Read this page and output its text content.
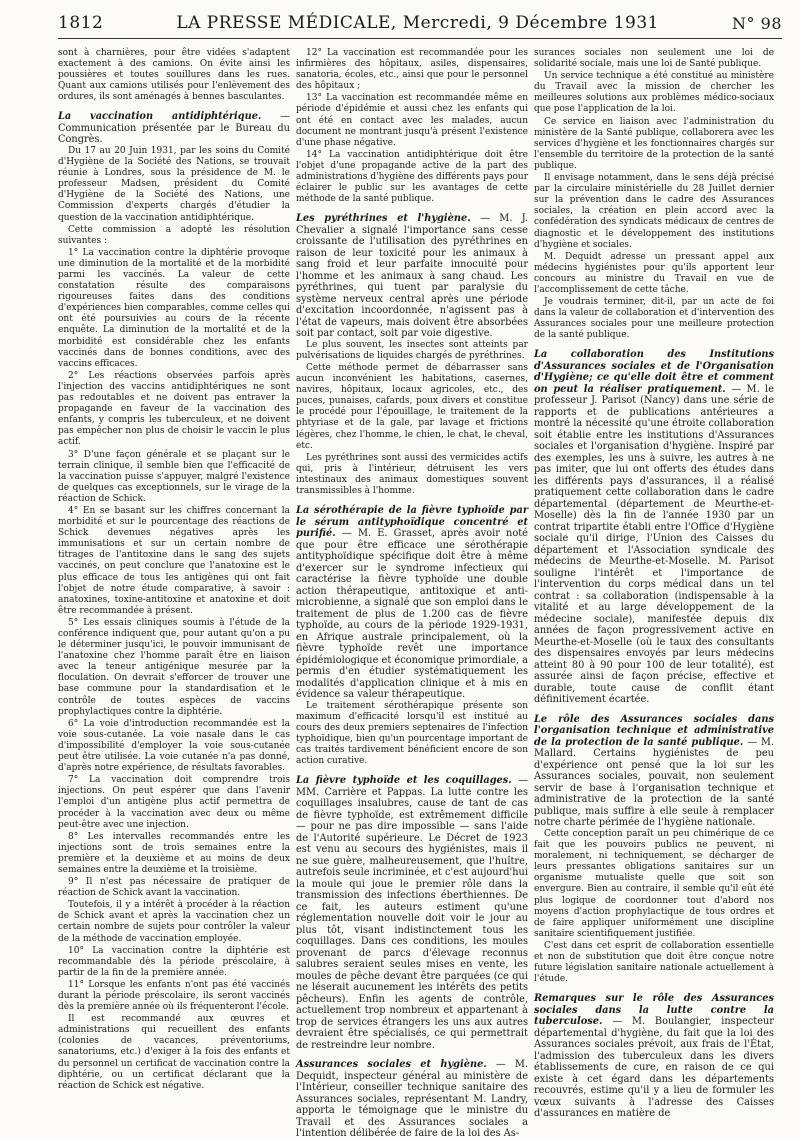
1812	LA PRESSE MÉDICALE, Mercredi, 9 Décembre 1931	N° 98

sont à charnières, pour être vidées s'adaptent exactement à des camions. On évite ainsi les poussières et toutes souillures dans les rues. Quant aux camions utilisés pour l'enlèvement des ordures, ils sont aménagés à bennes basculantes.

La vaccination antidiphtérique. — Communication présentée par le Bureau du Congrès.

Du 17 au 20 Juin 1931, par les soins du Comité d'Hygiène de la Société des Nations, se trouvait réunie à Londres, sous la présidence de M. le professeur Madsen, président du Comité d'Hygiène de la Société des Nations, une Commission d'experts chargés d'étudier la question de la vaccination antidiphtérique.

Cette commission a adopté les résolution suivantes :

1° La vaccination contre la diphtérie provoque une diminution de la mortalité et de la morbidité parmi les vaccinés. La valeur de cette constatation résulte des comparaisons rigoureuses faites dans des conditions d'expériences bien comparables, comme celles qui ont été poursuivies au cours de la récente enquête. La diminution de la mortalité et de la morbidité est considérable chez les enfants vaccinés dans de bonnes conditions, avec des vaccins efficaces.

2° Les réactions observées parfois après l'injection des vaccins antidiphtériques ne sont pas redoutables et ne doivent pas entraver la propagande en faveur de la vaccination des enfants, y compris les tuberculeux, et ne doivent pas empêcher non plus de choisir le vaccin le plus actif.

3° D'une façon générale et se plaçant sur le terrain clinique, il semble bien que l'efficacité de la vaccination puisse s'appuyer, malgré l'existence de quelques cas exceptionnels, sur le virage de la réaction de Schick.

4° En se basant sur les chiffres concernant la morbidité et sur le pourcentage des réactions de Schick devenues négatives après les immunisations et sur un certain nombre de titrages de l'antitoxine dans le sang des sujets vaccinés, on peut conclure que l'anatoxine est le plus efficace de tous les antigènes qui ont fait l'objet de notre étude comparative, à savoir : anatoxines, toxine-antitoxine et anatoxine et doit être recommandée à présent.

5° Les essais cliniques soumis à l'étude de la conférence indiquent que, pour autant qu'on a pu le déterminer jusqu'ici, le pouvoir immunisant de l'anatoxine chez l'homme paraît être en liaison avec la teneur antigénique mesurée par la floculation. On devrait s'efforcer de trouver une base commune pour la standardisation et le contrôle de toutes espèces de vaccins prophylactiques contre la diphtérie.

6° La voie d'introduction recommandée est la voie sous-cutanée. La voie nasale dans le cas d'impossibilité d'employer la voie sous-cutanée peut être utilisée. La voie cutanée n'a pas donné, d'après notre expérience, de résultats favorables.

7° La vaccination doit comprendre trois injections. On peut espérer que dans l'avenir l'emploi d'un antigène plus actif permettra de procéder à la vaccination avec deux ou même peut-être avec une injection.

8° Les intervalles recommandés entre les injections sont de trois semaines entre la première et la deuxième et au moins de deux semaines entre la deuxième et la troisième.

9° Il n'est pas nécessaire de pratiquer de réaction de Schick avant la vaccination.

Toutefois, il y a intérêt à procéder à la réaction de Schick avant et après la vaccination chez un certain nombre de sujets pour contrôler la valeur de la méthode de vaccination employée.

10° La vaccination contre la diphtérie est recommandable dès la période préscolaire, à partir de la fin de la première année.

11° Lorsque les enfants n'ont pas été vaccinés durant la période préscolaire, ils seront vaccinés dès la première année où ils fréquenteront l'école.

Il est recommandé aux œuvres et administrations qui recueillent des enfants (colonies de vacances, préventoriums, sanatoriums, etc.) d'exiger à la fois des enfants et du personnel un certificat de vaccination contre la diphtérie, ou un certificat déclarant que la réaction de Schick est négative.

12° La vaccination est recommandée pour les infirmières des hôpitaux, asiles, dispensaires, sanatoria, écoles, etc., ainsi que pour le personnel des hôpitaux ;

13° La vaccination est recommandée même en période d'épidémie et aussi chez les enfants qui ont été en contact avec les malades, aucun document ne montrant jusqu'à présent l'existence d'une phase négative.

14° La vaccination antidiphtérique doit être l'objet d'une propagande active de la part des administrations d'hygiène des différents pays pour éclairer le public sur les avantages de cette méthode de la santé publique.

Les pyréthrines et l'hygiène. — M. J. Chevalier a signalé l'importance sans cesse croissante de l'utilisation des pyréthrines en raison de leur toxicité pour les animaux à sang froid et leur parfaite innocuité pour l'homme et les animaux à sang chaud. Les pyréthrines, qui tuent par paralysie du système nerveux central après une période d'excitation incoordonnée, n'agissent pas à l'état de vapeurs, mais doivent être absorbées soit par contact, soit par voie digestive.

Le plus souvent, les insectes sont atteints par pulvérisations de liquides chargés de pyréthrines.

Cette méthode permet de débarrasser sans aucun inconvénient les habitations, casernes, navires, hôpitaux, locaux agricoles, etc., des puces, punaises, cafards, poux divers et constitue le procédé pour l'épouillage, le traitement de la phtyriase et de la gale, par lavage et frictions légères, chez l'homme, le chien, le chat, le cheval, etc.

Les pyréthrines sont aussi des vermicides actifs qui, pris à l'intérieur, détruisent les vers intestinaux des animaux domestiques souvent transmissibles à l'homme.

La sérothérapie de la fièvre typhoïde par le sérum antityphoïdique concentré et purifié. — M. E. Grasset, après avoir noté que pour être efficace une sérothérapie antityphoïdique spécifique doit être à même d'exercer sur le syndrome infectieux qui caractérise la fièvre typhoïde une double action thérapeutique, antitoxique et anti-microbienne, a signalé que son emploi dans le traitement de plus de 1.200 cas de fièvre typhoïde, au cours de la période 1929-1931, en Afrique australe principalement, où la fièvre typhoïde revêt une importance épidémiologique et économique primordiale, a permis d'en étudier systématiquement les modalités d'application clinique et à mis en évidence sa valeur thérapeutique.

Le traitement sérothérapique présente son maximum d'efficacité lorsqu'il est institué au cours des deux premiers septenaires de l'infection typhoïdique, bien qu'un pourcentage important de cas traités tardivement bénéficient encore de son action curative.

La fièvre typhoïde et les coquillages. — MM. Carrière et Pappas. La lutte contre les coquillages insalubres, cause de tant de cas de fièvre typhoïde, est extrêmement difficile — pour ne pas dire impossible — sans l'aide de l'Autorité supérieure. Le Décret de 1923 est venu au secours des hygiénistes, mais il ne sue guère, malheureusement, que l'huître, autrefois seule incriminée, et c'est aujourd'hui la moule qui joue le premier rôle dans la transmission des infections éberthiennes. De ce fait, les auteurs estiment qu'une réglementation nouvelle doit voir le jour au plus tôt, visant indistinctement tous les coquillages. Dans ces conditions, les moules provenant de parcs d'élevage reconnus salubres seraient seules mises en vente, les moules de pêche devant être parquées (ce qui ne léserait aucunement les intérêts des petits pêcheurs). Enfin les agents de contrôle, actuellement trop nombreux et appartenant à trop de services étrangers les uns aux autres devraient être spécialisés, ce qui permettrait de restreindre leur nombre.
Assurances sociales et hygiène. — M. Dequidt, inspecteur général au ministère de l'Intérieur, conseiller technique sanitaire des Assurances sociales, représentant M. Landry, apporta le témoignage que le ministre du Travail et des Assurances sociales a l'intention délibérée de faire de la loi des As-

surances sociales non seulement une loi de solidarité sociale, mais une loi de Santé publique.

Un service technique a été constitué au ministère du Travail avec la mission de chercher les meilleures solutions aux problèmes médico-sociaux que pose l'application de la loi.

Ce service en liaison avec l'administration du ministère de la Santé publique, collaborera avec les services d'hygiène et les fonctionnaires chargés sur l'ensemble du territoire de la protection de la santé publique.

Il envisage notamment, dans le sens déjà précisé par la circulaire ministérielle du 28 Juillet dernier sur la prévention dans le cadre des Assurances sociales, la création en plein accord avec la confédération des syndicats médicaux de centres de diagnostic et le développement des institutions d'hygiène et sociales.

M. Dequidt adresse un pressant appel aux médecins hygiénistes pour qu'ils apportent leur concours au ministre du Travail en vue de l'accomplissement de cette tâche.

Je voudrais terminer, dit-il, par un acte de foi dans la valeur de collaboration et d'intervention des Assurances sociales pour une meilleure protection de la santé publique.

La collaboration des Institutions d'Assurances sociales et de l'Organisation d'Hygiène; ce qu'elle doit être et comment on peut la réaliser pratiquement. — M. le professeur J. Parisot (Nancy) dans une série de rapports et de publications antérieures a montré la nécessité qu'une étroite collaboration soit établie entre les institutions d'Assurances sociales et l'organisation d'hygiène. Inspiré par des exemples, les uns à suivre, les autres à ne pas imiter, que lui ont offerts des études dans les différents pays d'assurances, il a réalisé pratiquement cette collaboration dans le cadre départemental (département de Meurthe-et-Moselle) dès la fin de l'année 1930 par un contrat tripartite établi entre l'Office d'Hygiène sociale qu'il dirige, l'Union des Caisses du département et l'Association syndicale des médecins de Meurthe-et-Moselle. M. Parisot souligne l'intérêt et l'importance de l'intervention du corps médical dans un tel contrat : sa collaboration (indispensable à la vitalité et au large développement de la médecine sociale), manifestée depuis dix années de façon progressivement active en Meurthe-et-Moselle (où le taux des consultants des dispensaires envoyés par leurs médecins atteint 80 à 90 pour 100 de leur totalité), est assurée ainsi de façon précise, effective et durable, toute cause de conflit étant définitivement écartée.
Le rôle des Assurances sociales dans l'organisation technique et administrative de la protection de la santé publique. — M. Mallard. Certains hygiénistes de peu d'expérience ont pensé que la loi sur les Assurances sociales, pouvait, non seulement servir de base à l'organisation technique et administrative de la protection de la santé publique, mais suffire à elle seule à remplacer notre charte périmée de l'hygiène nationale.

Cette conception paraît un peu chimérique de ce fait que les pouvoirs publics ne peuvent, ni moralement, ni techniquement, se décharger de leurs pressantes obligations sanitaires sur un organisme mutualiste quelle que soit son envergure. Bien au contraire, il semble qu'il eût été plus logique de coordonner tout d'abord nos moyens d'action prophylactique de tous ordres et de faire appliquer uniformément une discipline sanitaire scientifiquement justifiée.

C'est dans cet esprit de collaboration essentielle et non de substitution que doit être conçue notre future législation sanitaire nationale actuellement à l'étude.

Remarques sur le rôle des Assurances sociales dans la lutte contre la tuberculose. — M. Boulangier, inspecteur départemental d'hygiène, du fait que la loi des Assurances sociales prévoit, aux frais de l'État, l'admission des tuberculeux dans les divers établissements de cure, en raison de ce qui existe à cet égard dans les départements recouvrés, estime qu'il y a lieu de formuler les vœux suivants à l'adresse des Caisses d'assurances en matière de
